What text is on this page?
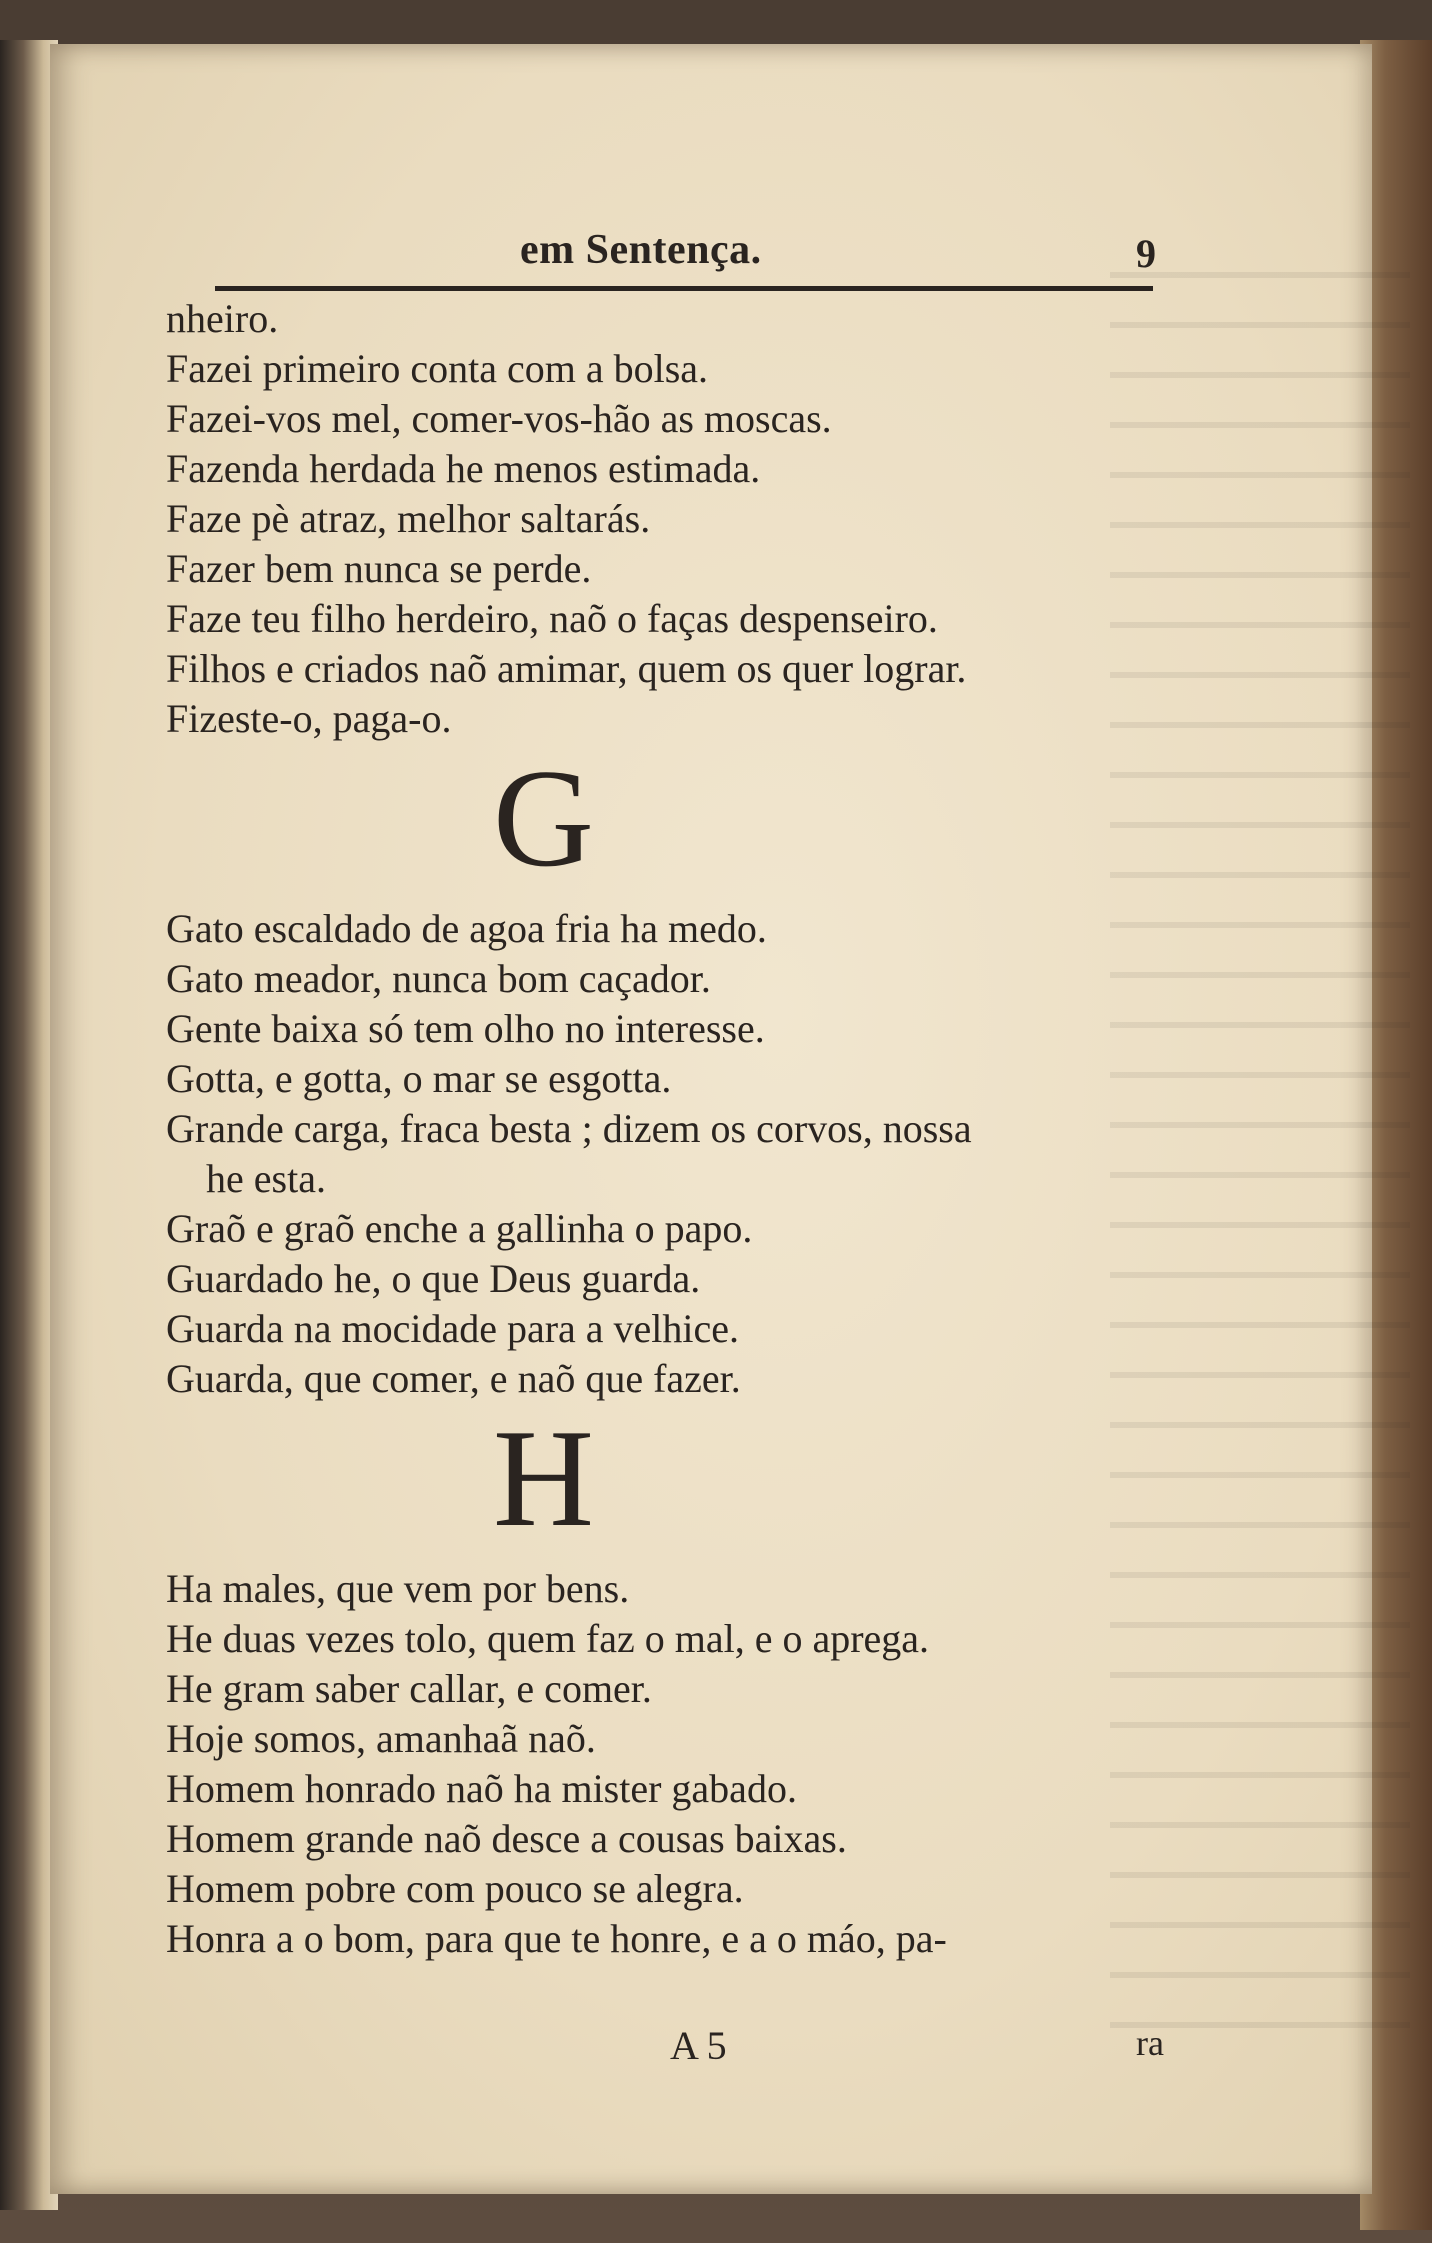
em Sentença.	9
nheiro.
Fazei primeiro conta com a bolsa.
Fazei-vos mel, comer-vos-hão as moscas.
Fazenda herdada he menos estimada.
Faze pè atraz, melhor saltarás.
Fazer bem nunca se perde.
Faze teu filho herdeiro, naõ o faças despenseiro.
Filhos e criados naõ amimar, quem os quer lograr.
Fizeste-o, paga-o.
G
Gato escaldado de agoa fria ha medo.
Gato meador, nunca bom caçador.
Gente baixa só tem olho no interesse.
Gotta, e gotta, o mar se esgotta.
Grande carga, fraca besta ; dizem os corvos, nossa
he esta.
Graõ e graõ enche a gallinha o papo.
Guardado he, o que Deus guarda.
Guarda na mocidade para a velhice.
Guarda, que comer, e naõ que fazer.
H
Ha males, que vem por bens.
He duas vezes tolo, quem faz o mal, e o aprega.
He gram saber callar, e comer.
Hoje somos, amanhaã naõ.
Homem honrado naõ ha mister gabado.
Homem grande naõ desce a cousas baixas.
Homem pobre com pouco se alegra.
Honra a o bom, para que te honre, e a o máo, pa-
A 5	ra
